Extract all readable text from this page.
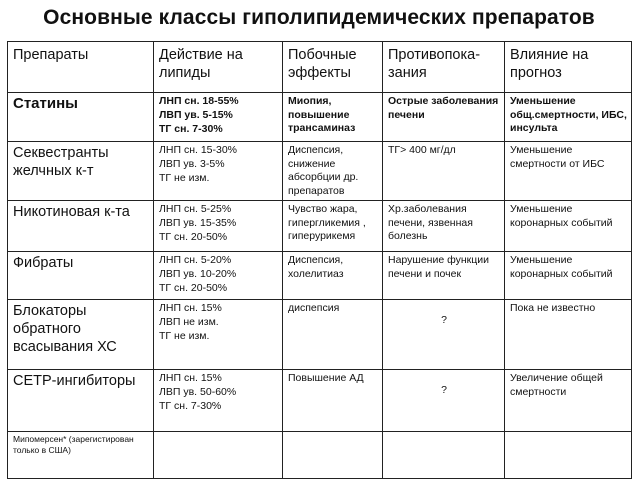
Основные классы гиполипидемических препаратов
Препараты	Действие на липиды	Побочные эффекты	Противопока-зания	Влияние на прогноз
Статины	ЛНП сн. 18-55%
ЛВП ув. 5-15%
ТГ сн. 7-30%	Миопия, повышение трансаминаз	Острые заболевания печени	Уменьшение общ.смертности, ИБС, инсульта
Секвестранты желчных к-т	ЛНП сн. 15-30%
ЛВП ув. 3-5%
ТГ не изм.	Диспепсия, снижение абсорбции др. препаратов	ТГ> 400 мг/дл	Уменьшение смертности от ИБС
Никотиновая к-та	ЛНП сн. 5-25%
ЛВП ув. 15-35%
ТГ сн. 20-50%	Чувство жара, гипергликемия , гиперурикемя	Хр.заболевания печени, язвенная болезнь	Уменьшение коронарных событий
Фибраты	ЛНП сн. 5-20%
ЛВП ув. 10-20%
ТГ сн. 20-50%	Диспепсия, холелитиаз	Нарушение функции печени и почек	Уменьшение коронарных событий
Блокаторы обратного всасывания ХС	ЛНП сн. 15%
ЛВП не изм.
ТГ не изм.	диспепсия	?	Пока не известно
CETP-ингибиторы	ЛНП сн. 15%
ЛВП ув. 50-60%
ТГ сн. 7-30%	Повышение АД	?	Увеличение общей смертности
Мипомерсен* (зарегистирован только в США)				
